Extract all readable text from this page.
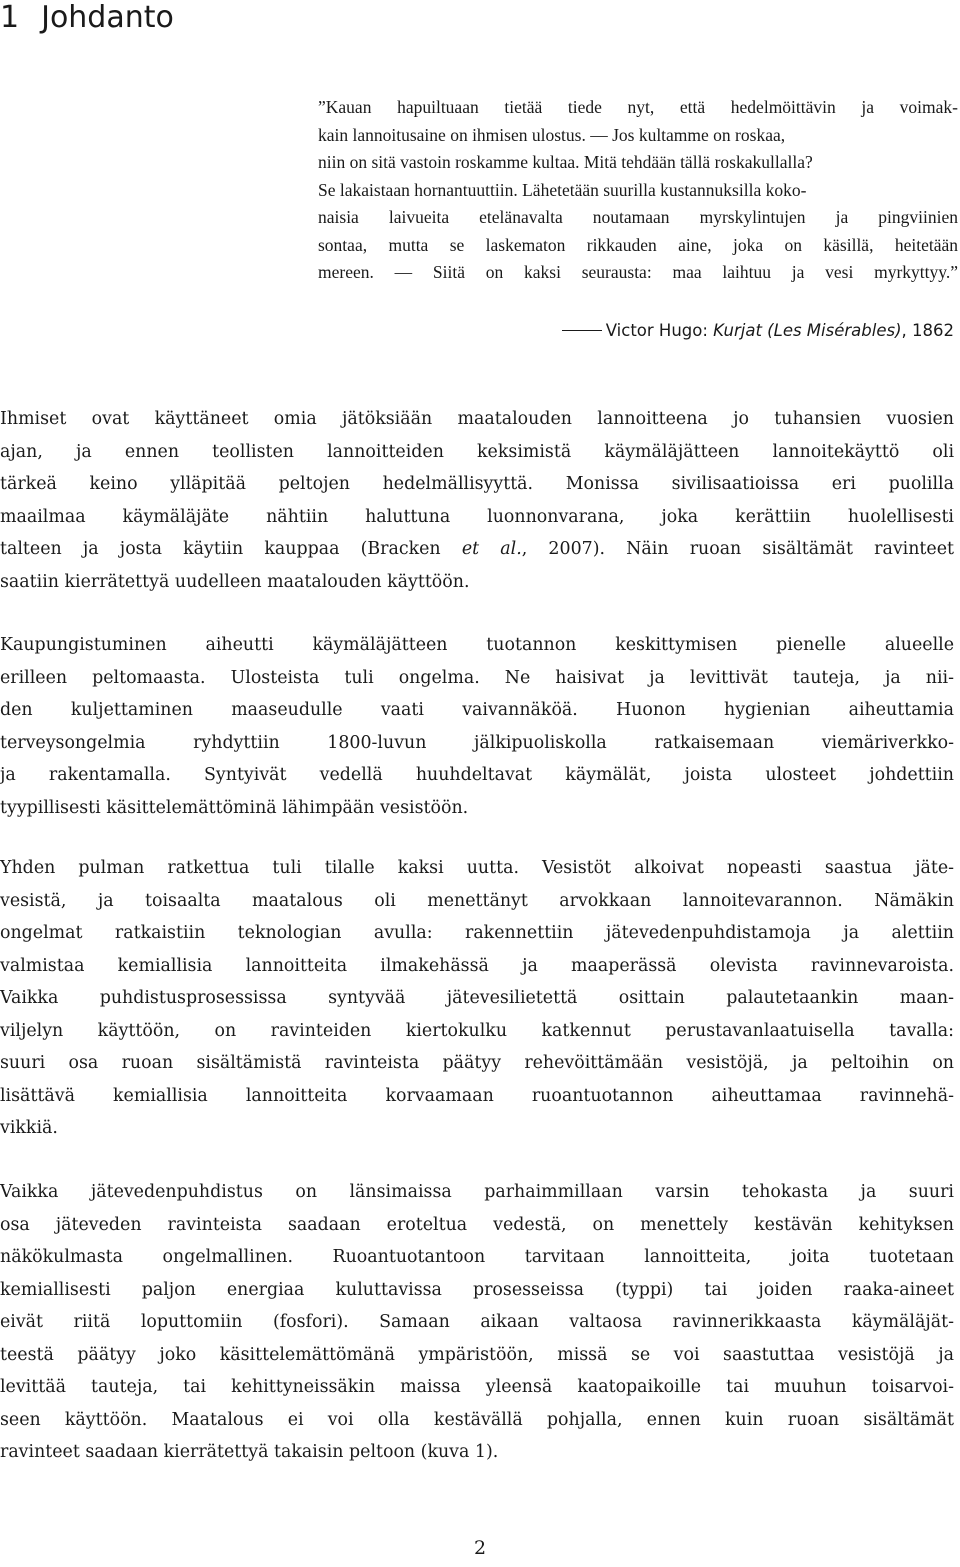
1 Johdanto
”Kauan hapuiltuaan tietää tiede nyt, että hedelmöittävin ja voimak-
kain lannoitusaine on ihmisen ulostus. — Jos kultamme on roskaa,
niin on sitä vastoin roskamme kultaa. Mitä tehdään tällä roskakullalla?
Se lakaistaan hornantuuttiin. Lähetetään suurilla kustannuksilla koko-
naisia laivueita etelänavalta noutamaan myrskylintujen ja pingviinien
sontaa, mutta se laskematon rikkauden aine, joka on käsillä, heitetään
mereen. — Siitä on kaksi seurausta: maa laihtuu ja vesi myrkyttyy.”
Victor Hugo: Kurjat (Les Misérables), 1862
Ihmiset ovat käyttäneet omia jätöksiään maatalouden lannoitteena jo tuhansien vuosien
ajan, ja ennen teollisten lannoitteiden keksimistä käymäläjätteen lannoitekäyttö oli
tärkeä keino ylläpitää peltojen hedelmällisyyttä. Monissa sivilisaatioissa eri puolilla
maailmaa käymäläjäte nähtiin haluttuna luonnonvarana, joka kerättiin huolellisesti
talteen ja josta käytiin kauppaa (Bracken et al., 2007). Näin ruoan sisältämät ravinteet
saatiin kierrätettyä uudelleen maatalouden käyttöön.
Kaupungistuminen aiheutti käymäläjätteen tuotannon keskittymisen pienelle alueelle
erilleen peltomaasta. Ulosteista tuli ongelma. Ne haisivat ja levittivät tauteja, ja nii-
den kuljettaminen maaseudulle vaati vaivannäköä. Huonon hygienian aiheuttamia
terveysongelmia ryhdyttiin 1800-luvun jälkipuoliskolla ratkaisemaan viemäriverkko-
ja rakentamalla. Syntyivät vedellä huuhdeltavat käymälät, joista ulosteet johdettiin
tyypillisesti käsittelemättöminä lähimpään vesistöön.
Yhden pulman ratkettua tuli tilalle kaksi uutta. Vesistöt alkoivat nopeasti saastua jäte-
vesistä, ja toisaalta maatalous oli menettänyt arvokkaan lannoitevarannon. Nämäkin
ongelmat ratkaistiin teknologian avulla: rakennettiin jätevedenpuhdistamoja ja alettiin
valmistaa kemiallisia lannoitteita ilmakehässä ja maaperässä olevista ravinnevaroista.
Vaikka puhdistusprosessissa syntyvää jätevesilietettä osittain palautetaankin maan-
viljelyn käyttöön, on ravinteiden kiertokulku katkennut perustavanlaatuisella tavalla:
suuri osa ruoan sisältämistä ravinteista päätyy rehevöittämään vesistöjä, ja peltoihin on
lisättävä kemiallisia lannoitteita korvaamaan ruoantuotannon aiheuttamaa ravinnehä-
vikkiä.
Vaikka jätevedenpuhdistus on länsimaissa parhaimmillaan varsin tehokasta ja suuri
osa jäteveden ravinteista saadaan eroteltua vedestä, on menettely kestävän kehityksen
näkökulmasta ongelmallinen. Ruoantuotantoon tarvitaan lannoitteita, joita tuotetaan
kemiallisesti paljon energiaa kuluttavissa prosesseissa (typpi) tai joiden raaka-aineet
eivät riitä loputtomiin (fosfori). Samaan aikaan valtaosa ravinnerikkaasta käymäläjät-
teestä päätyy joko käsittelemättömänä ympäristöön, missä se voi saastuttaa vesistöjä ja
levittää tauteja, tai kehittyneissäkin maissa yleensä kaatopaikoille tai muuhun toisarvoi-
seen käyttöön. Maatalous ei voi olla kestävällä pohjalla, ennen kuin ruoan sisältämät
ravinteet saadaan kierrätettyä takaisin peltoon (kuva 1).
2
